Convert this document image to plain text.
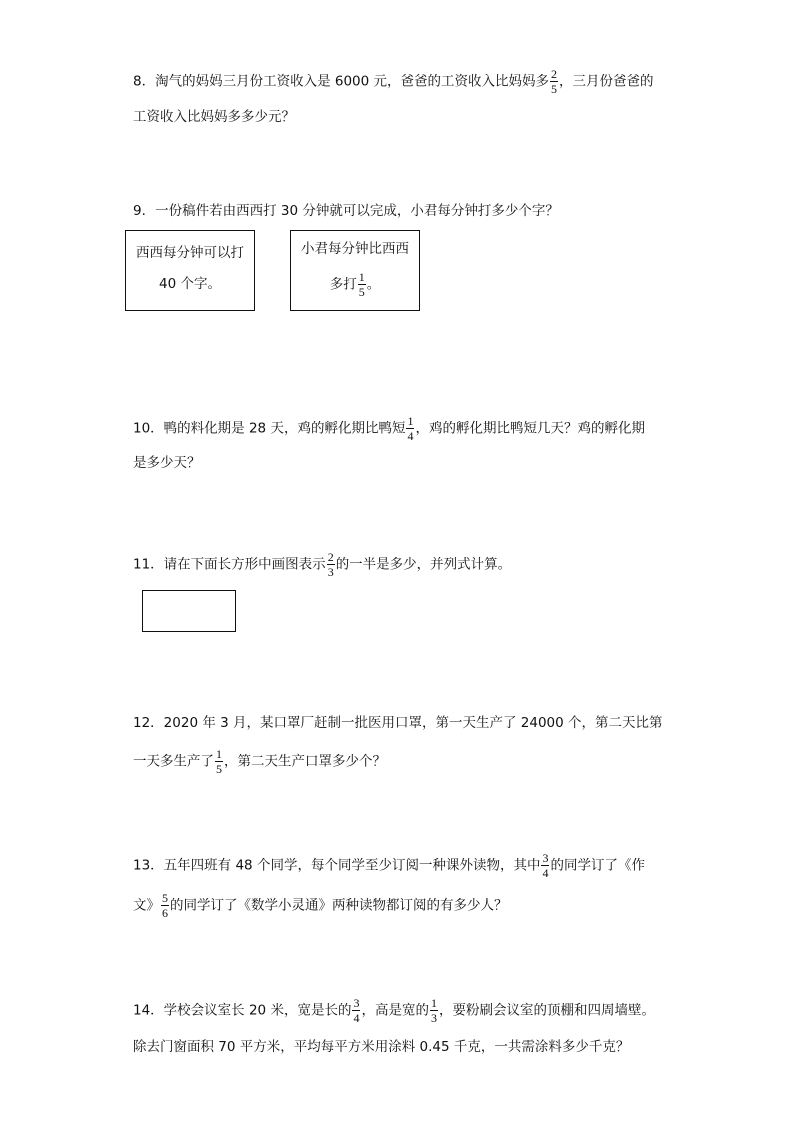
8．淘气的妈妈三月份工资收入是 6000 元，爸爸的工资收入比妈妈多 $\frac{2}{5}$ ，三月份爸爸的
工资收入比妈妈多多少元？
9．一份稿件若由西西打 30 分钟就可以完成，小君每分钟打多少个字？
西西每分钟可以打
40 个字。
小君每分钟比西西
多打 $\frac{1}{5}$ 。
10．鸭的料化期是 28 天，鸡的孵化期比鸭短 $\frac{1}{4}$ ，鸡的孵化期比鸭短几天？鸡的孵化期
是多少天？
11．请在下面长方形中画图表示 $\frac{2}{3}$ 的一半是多少，并列式计算。
12．2020 年 3 月，某口罩厂赶制一批医用口罩，第一天生产了 24000 个，第二天比第
一天多生产了 $\frac{1}{5}$ ，第二天生产口罩多少个？
13．五年四班有 48 个同学，每个同学至少订阅一种课外读物，其中 $\frac{3}{4}$ 的同学订了《作
文》 $\frac{5}{6}$ 的同学订了《数学小灵通》两种读物都订阅的有多少人？
14．学校会议室长 20 米，宽是长的 $\frac{3}{4}$ ，高是宽的 $\frac{1}{3}$ ，要粉刷会议室的顶棚和四周墙壁。
除去门窗面积 70 平方米，平均每平方米用涂料 0.45 千克，一共需涂料多少千克？
